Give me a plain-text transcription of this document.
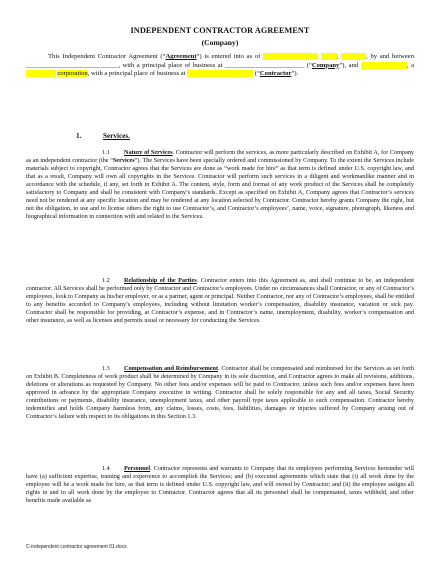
INDEPENDENT CONTRACTOR AGREEMENT
(Company)
This Independent Contractor Agreement (“Agreement”) is entered into as of	,	, by and between ____________________________, with a principal place of business at ________________________ (“Company”), and	, a                    corporation, with a principal place of business at	(“Contractor”).
1.	Services.
1.1 Nature of Services. Contractor will perform the services, as more particularly described on Exhibit A, for Company as an independent contractor (the “Services”). The Services have been specially ordered and commissioned by Company. To the extent the Services include materials subject to copyright, Contractor agrees that the Services are done as “work made for hire” as that term is defined under U.S. copyright law, and that as a result, Company will own all copyrights in the Services. Contractor will perform such services in a diligent and workmanlike manner and in accordance with the schedule, if any, set forth in Exhibit A. The content, style, form and format of any work product of the Services shall be completely satisfactory to Company and shall be consistent with Company’s standards. Except as specified on Exhibit A, Company agrees that Contractor’s services need not be rendered at any specific location and may be rendered at any location selected by Contractor. Contractor hereby grants Company the right, but not the obligation, to use and to license others the right to use Contractor’s, and Contractor’s employees’, name, voice, signature, photograph, likeness and biographical information in connection with and related to the Services.
1.2 Relationship of the Parties. Contractor enters into this Agreement as, and shall continue to be, an independent contractor. All Services shall be performed only by Contractor and Contractor’s employees. Under no circumstances shall Contractor, or any of Contractor’s employees, look to Company as his/her employer, or as a partner, agent or principal. Neither Contractor, nor any of Contractor’s employees, shall be entitled to any benefits accorded to Company’s employees, including without limitation worker’s compensation, disability insurance, vacation or sick pay. Contractor shall be responsible for providing, at Contractor’s expense, and in Contractor’s name, unemployment, disability, worker’s compensation and other insurance, as well as licenses and permits usual or necessary for conducting the Services.
1.3 Compensation and Reimbursement. Contractor shall be compensated and reimbursed for the Services as set forth on Exhibit B. Completeness of work product shall be determined by Company in its sole discretion, and Contractor agrees to make all revisions, additions, deletions or alterations as requested by Company. No other fees and/or expenses will be paid to Contractor, unless such fees and/or expenses have been approved in advance by the appropriate Company executive in writing. Contractor shall be solely responsible for any and all taxes, Social Security contributions or payments, disability insurance, unemployment taxes, and other payroll type taxes applicable to such compensation. Contractor hereby indemnifies and holds Company harmless from, any claims, losses, costs, fees, liabilities, damages or injuries suffered by Company arising out of Contractor’s failure with respect to its obligations in this Section 1.3.
1.4 Personnel. Contractor represents and warrants to Company that its employees performing Services hereunder will have (a) sufficient expertise, training and experience to accomplish the Services; and (b) executed agreements which state that (i) all work done by the employee will be a work made for hire, as that term is defined under U.S. copyright law, and will owned by Contractor; and (ii) the employee assigns all rights in and to all work done by the employee to Contractor. Contractor agrees that all its personnel shall be compensated, taxes withheld, and other benefits made available as
C-independent contractor agreement 01.docx
